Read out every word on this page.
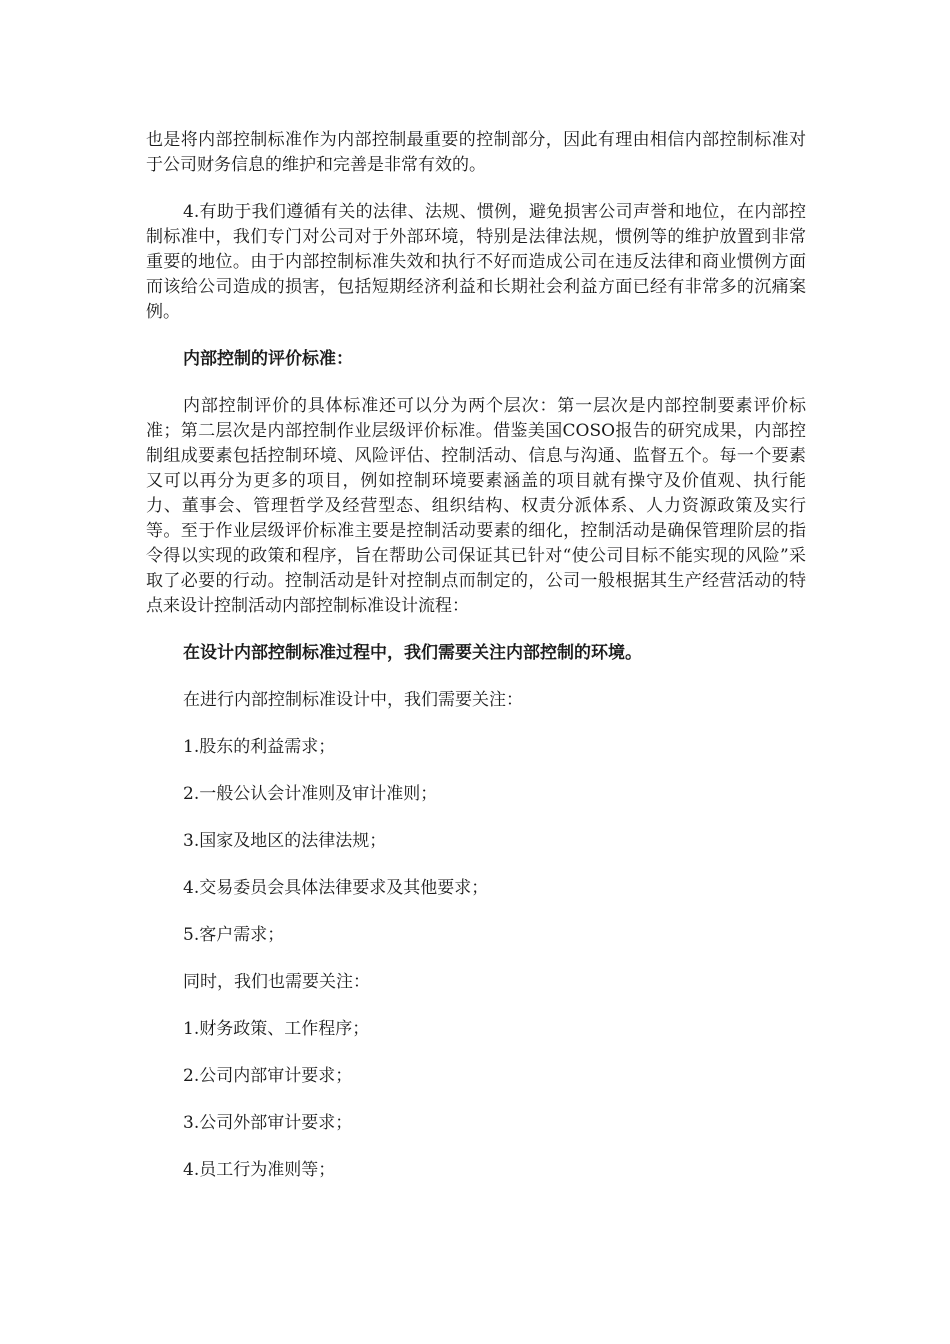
也是将内部控制标准作为内部控制最重要的控制部分，因此有理由相信内部控制标准对于公司财务信息的维护和完善是非常有效的。

4.有助于我们遵循有关的法律、法规、惯例，避免损害公司声誉和地位，在内部控制标准中，我们专门对公司对于外部环境，特别是法律法规，惯例等的维护放置到非常重要的地位。由于内部控制标准失效和执行不好而造成公司在违反法律和商业惯例方面而该给公司造成的损害，包括短期经济利益和长期社会利益方面已经有非常多的沉痛案例。

内部控制的评价标准：

内部控制评价的具体标准还可以分为两个层次：第一层次是内部控制要素评价标准；第二层次是内部控制作业层级评价标准。借鉴美国COSO报告的研究成果，内部控制组成要素包括控制环境、风险评估、控制活动、信息与沟通、监督五个。每一个要素又可以再分为更多的项目，例如控制环境要素涵盖的项目就有操守及价值观、执行能力、董事会、管理哲学及经营型态、组织结构、权责分派体系、人力资源政策及实行等。至于作业层级评价标准主要是控制活动要素的细化，控制活动是确保管理阶层的指令得以实现的政策和程序，旨在帮助公司保证其已针对“使公司目标不能实现的风险”采取了必要的行动。控制活动是针对控制点而制定的，公司一般根据其生产经营活动的特点来设计控制活动内部控制标准设计流程：

在设计内部控制标准过程中，我们需要关注内部控制的环境。

在进行内部控制标准设计中，我们需要关注：

1.股东的利益需求；

2.一般公认会计准则及审计准则；

3.国家及地区的法律法规；

4.交易委员会具体法律要求及其他要求；

5.客户需求；

同时，我们也需要关注：

1.财务政策、工作程序；

2.公司内部审计要求；

3.公司外部审计要求；

4.员工行为准则等；
